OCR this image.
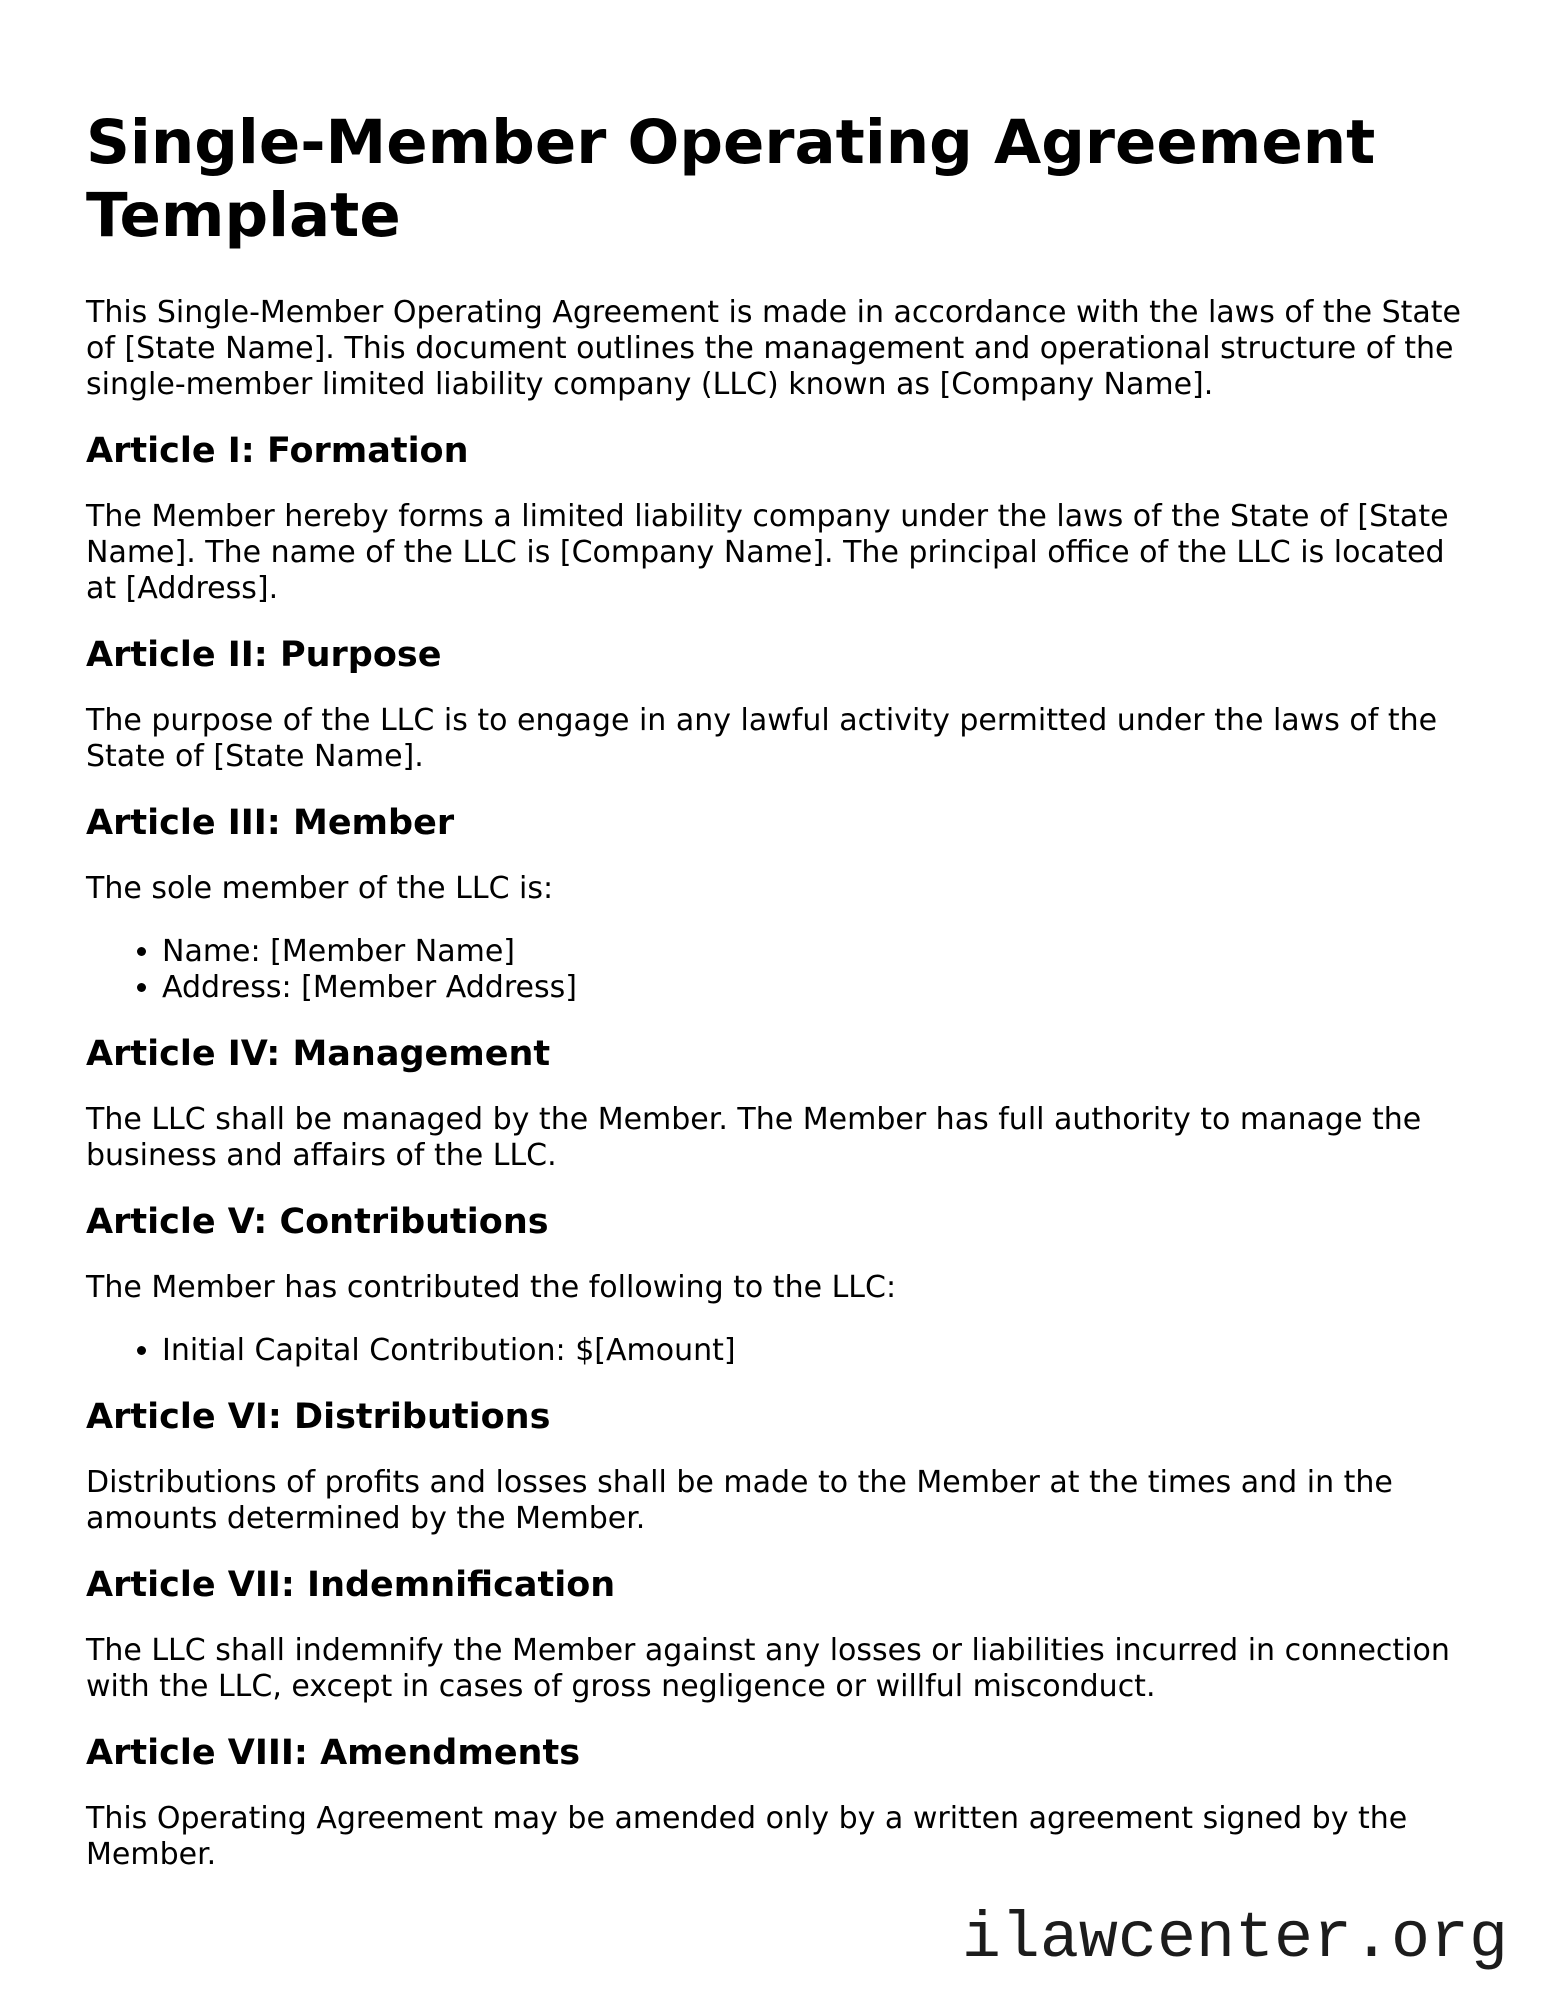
Single-Member Operating Agreement Template

This Single-Member Operating Agreement is made in accordance with the laws of the State of [State Name]. This document outlines the management and operational structure of the single-member limited liability company (LLC) known as [Company Name].

Article I: Formation

The Member hereby forms a limited liability company under the laws of the State of [State Name]. The name of the LLC is [Company Name]. The principal office of the LLC is located at [Address].

Article II: Purpose

The purpose of the LLC is to engage in any lawful activity permitted under the laws of the State of [State Name].

Article III: Member

The sole member of the LLC is:

• Name: [Member Name]
• Address: [Member Address]
Article IV: Management

The LLC shall be managed by the Member. The Member has full authority to manage the business and affairs of the LLC.

Article V: Contributions

The Member has contributed the following to the LLC:

• Initial Capital Contribution: $[Amount]
Article VI: Distributions

Distributions of profits and losses shall be made to the Member at the times and in the amounts determined by the Member.

Article VII: Indemnification

The LLC shall indemnify the Member against any losses or liabilities incurred in connection with the LLC, except in cases of gross negligence or willful misconduct.

Article VIII: Amendments

This Operating Agreement may be amended only by a written agreement signed by the Member.

ilawcenter.org
